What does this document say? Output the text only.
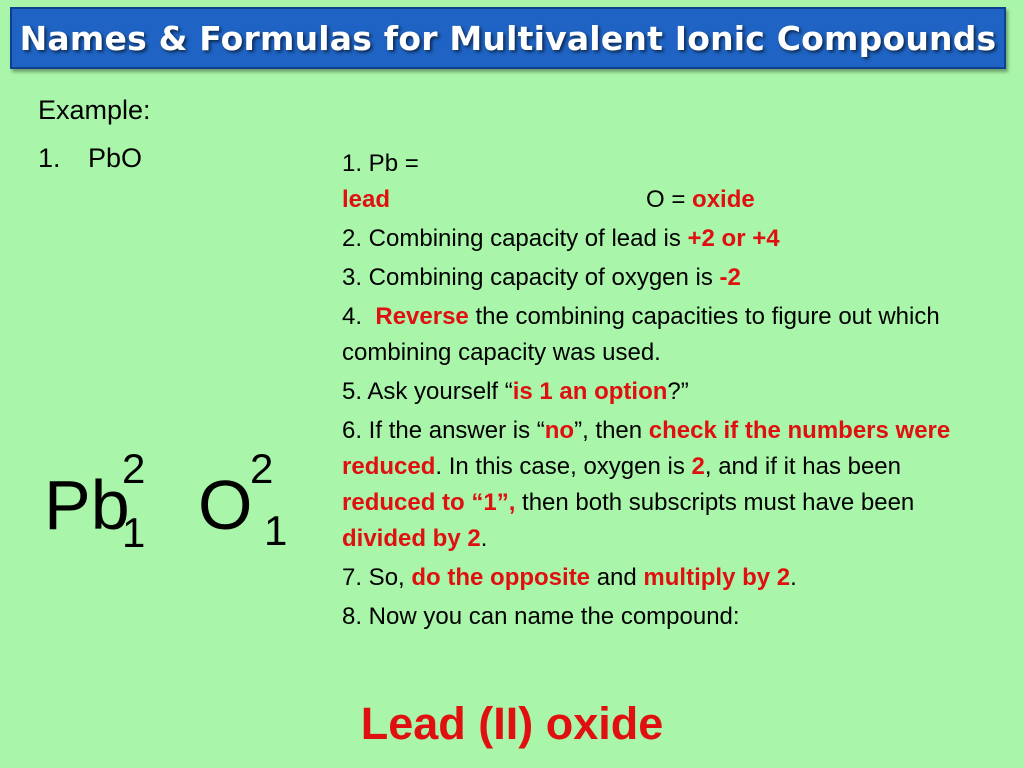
Names & Formulas for Multivalent Ionic Compounds
Example:
1. PbO
Pb
2
1 O
2
1
1. Pb = lead	O = oxide
2. Combining capacity of lead is +2 or +4
3. Combining capacity of oxygen is -2
4.  Reverse the combining capacities to figure out which combining capacity was used.
5. Ask yourself “is 1 an option?”
6. If the answer is “no”, then check if the numbers were reduced. In this case, oxygen is 2, and if it has been reduced to “1”, then both subscripts must have been divided by 2.
7. So, do the opposite and multiply by 2.
8. Now you can name the compound:
Lead (II) oxide
